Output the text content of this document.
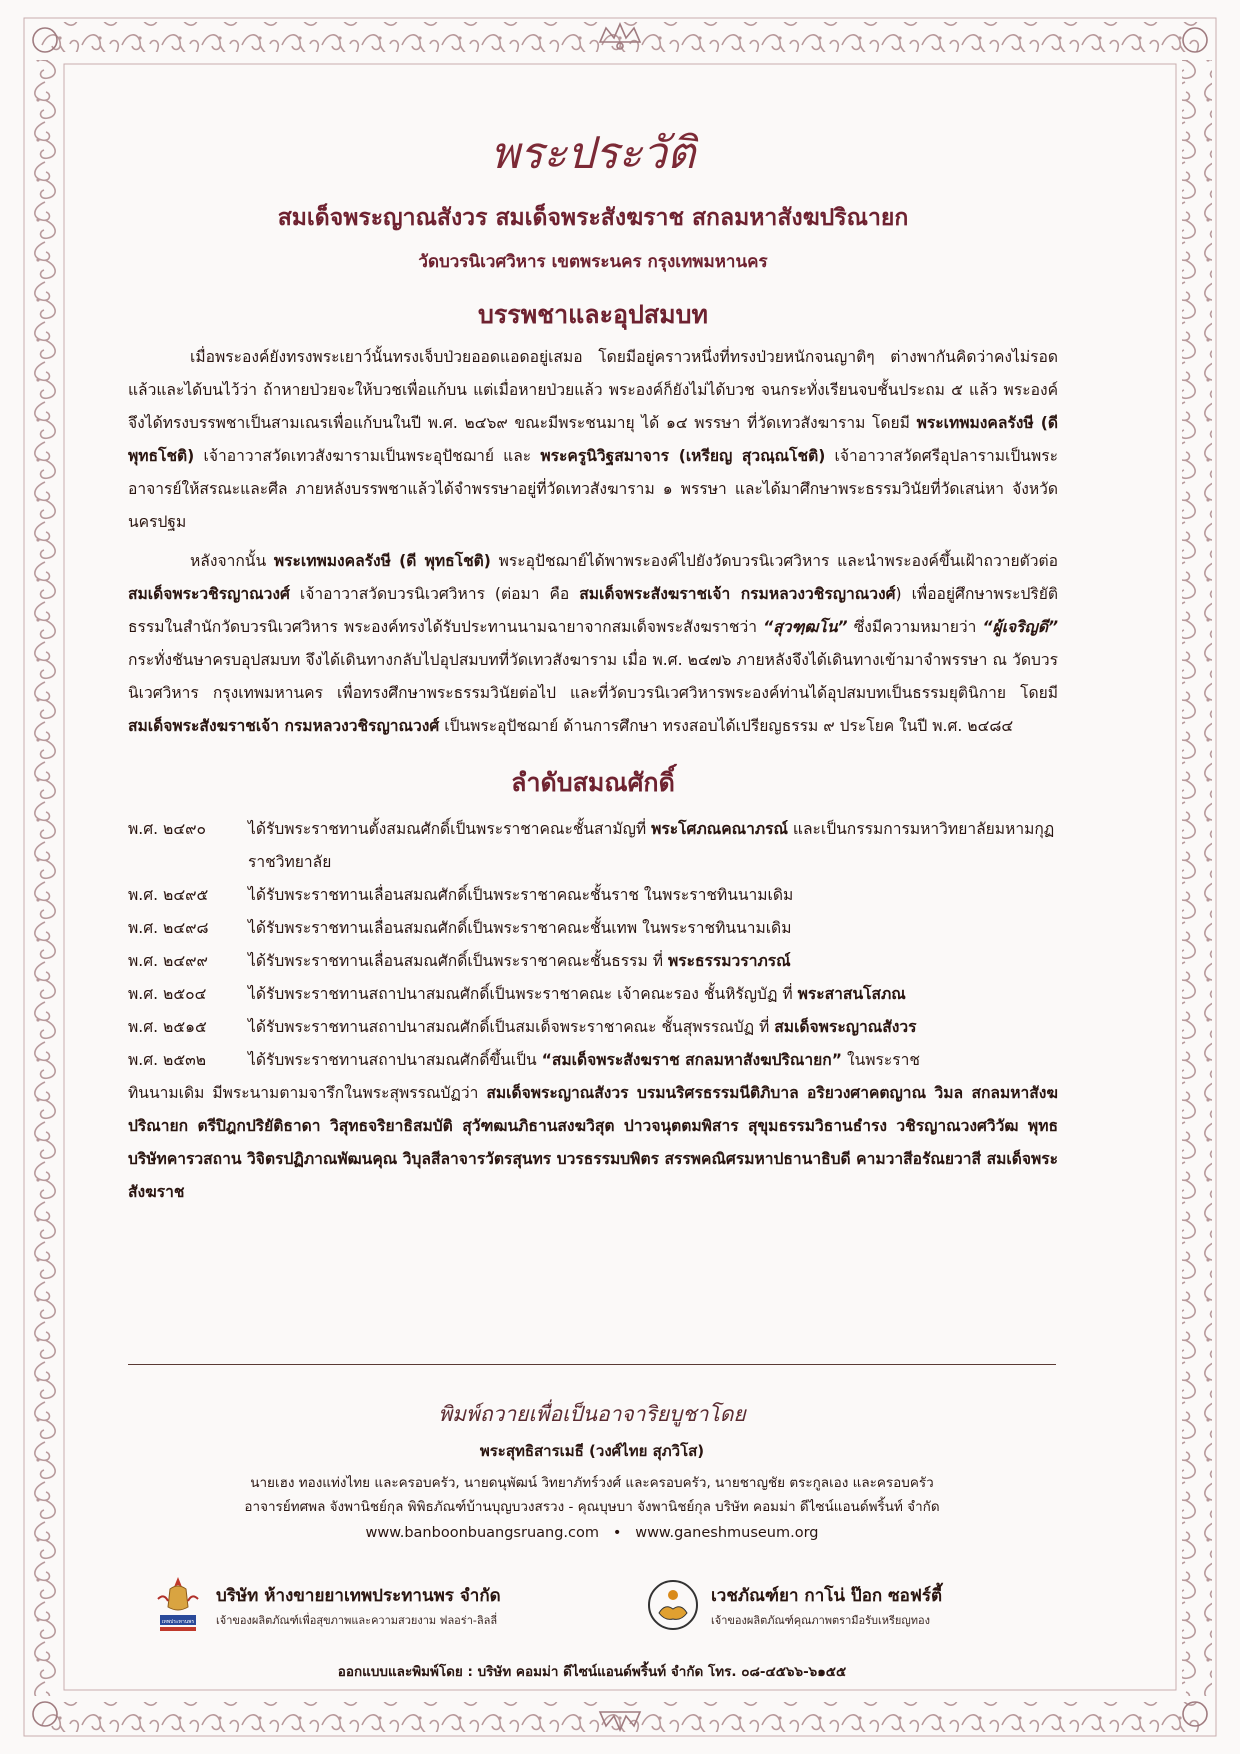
พระประวัติ
สมเด็จพระญาณสังวร สมเด็จพระสังฆราช สกลมหาสังฆปริณายก
วัดบวรนิเวศวิหาร เขตพระนคร กรุงเทพมหานคร
บรรพชาและอุปสมบท
เมื่อพระองค์ยังทรงพระเยาว์นั้นทรงเจ็บป่วยออดแอดอยู่เสมอ โดยมีอยู่คราวหนึ่งที่ทรงป่วยหนักจนญาติๆ ต่างพากันคิดว่าคงไม่รอดแล้วและได้บนไว้ว่า ถ้าหายป่วยจะให้บวชเพื่อแก้บน แต่เมื่อหายป่วยแล้ว พระองค์ก็ยังไม่ได้บวช จนกระทั่งเรียนจบชั้นประถม ๕ แล้ว พระองค์จึงได้ทรงบรรพชาเป็นสามเณรเพื่อแก้บนในปี พ.ศ. ๒๔๖๙ ขณะมีพระชนมายุ ได้ ๑๔ พรรษา ที่วัดเทวสังฆาราม โดยมี พระเทพมงคลรังษี (ดี พุทธโชติ) เจ้าอาวาสวัดเทวสังฆารามเป็นพระอุปัชฌาย์ และ พระครูนิวิฐสมาจาร (เหรียญ สุวณฺณโชติ) เจ้าอาวาสวัดศรีอุปลารามเป็นพระอาจารย์ให้สรณะและศีล ภายหลังบรรพชาแล้วได้จำพรรษาอยู่ที่วัดเทวสังฆาราม ๑ พรรษา และได้มาศึกษาพระธรรมวินัยที่วัดเสน่หา จังหวัดนครปฐม
หลังจากนั้น พระเทพมงคลรังษี (ดี พุทธโชติ) พระอุปัชฌาย์ได้พาพระองค์ไปยังวัดบวรนิเวศวิหาร และนำพระองค์ขึ้นเฝ้าถวายตัวต่อ สมเด็จพระวชิรญาณวงศ์ เจ้าอาวาสวัดบวรนิเวศวิหาร (ต่อมา คือ สมเด็จพระสังฆราชเจ้า กรมหลวงวชิรญาณวงศ์) เพื่ออยู่ศึกษาพระปริยัติธรรมในสำนักวัดบวรนิเวศวิหาร พระองค์ทรงได้รับประทานนามฉายาจากสมเด็จพระสังฆราชว่า “สุวฑฺฒโน” ซึ่งมีความหมายว่า “ผู้เจริญดี” กระทั่งชันษาครบอุปสมบท จึงได้เดินทางกลับไปอุปสมบทที่วัดเทวสังฆาราม เมื่อ พ.ศ. ๒๔๗๖ ภายหลังจึงได้เดินทางเข้ามาจำพรรษา ณ วัดบวรนิเวศวิหาร กรุงเทพมหานคร เพื่อทรงศึกษาพระธรรมวินัยต่อไป และที่วัดบวรนิเวศวิหารพระองค์ท่านได้อุปสมบทเป็นธรรมยุตินิกาย โดยมี สมเด็จพระสังฆราชเจ้า กรมหลวงวชิรญาณวงศ์ เป็นพระอุปัชฌาย์ ด้านการศึกษา ทรงสอบได้เปรียญธรรม ๙ ประโยค ในปี พ.ศ. ๒๔๘๔
ลำดับสมณศักดิ์
พ.ศ. ๒๔๙๐	ได้รับพระราชทานตั้งสมณศักดิ์เป็นพระราชาคณะชั้นสามัญที่ พระโศภณคณาภรณ์ และเป็นกรรมการมหาวิทยาลัยมหามกุฏราชวิทยาลัย
พ.ศ. ๒๔๙๕	ได้รับพระราชทานเลื่อนสมณศักดิ์เป็นพระราชาคณะชั้นราช ในพระราชทินนามเดิม
พ.ศ. ๒๔๙๘	ได้รับพระราชทานเลื่อนสมณศักดิ์เป็นพระราชาคณะชั้นเทพ ในพระราชทินนามเดิม
พ.ศ. ๒๔๙๙	ได้รับพระราชทานเลื่อนสมณศักดิ์เป็นพระราชาคณะชั้นธรรม ที่ พระธรรมวราภรณ์
พ.ศ. ๒๕๐๔	ได้รับพระราชทานสถาปนาสมณศักดิ์เป็นพระราชาคณะ เจ้าคณะรอง ชั้นหิรัญบัฏ ที่ พระสาสนโสภณ
พ.ศ. ๒๕๑๕	ได้รับพระราชทานสถาปนาสมณศักดิ์เป็นสมเด็จพระราชาคณะ ชั้นสุพรรณบัฏ ที่ สมเด็จพระญาณสังวร
พ.ศ. ๒๕๓๒	ได้รับพระราชทานสถาปนาสมณศักดิ์ขึ้นเป็น “สมเด็จพระสังฆราช สกลมหาสังฆปริณายก” ในพระราช
ทินนามเดิม มีพระนามตามจารึกในพระสุพรรณบัฏว่า สมเด็จพระญาณสังวร บรมนริศรธรรมนีติภิบาล อริยวงศาคตญาณ วิมล สกลมหาสังฆปริณายก ตรีปิฎกปริยัติธาดา วิสุทธจริยาธิสมบัติ สุวัฑฒนภิธานสงฆวิสุต ปาวจนุตตมพิสาร สุขุมธรรมวิธานธำรง วชิรญาณวงศวิวัฒ พุทธบริษัทคารวสถาน วิจิตรปฏิภาณพัฒนคุณ วิบุลสีลาจารวัตรสุนทร บวรธรรมบพิตร สรรพคณิศรมหาปธานาธิบดี คามวาสีอรัณยวาสี สมเด็จพระสังฆราช
พิมพ์ถวายเพื่อเป็นอาจาริยบูชาโดย
พระสุทธิสารเมธี (วงศ์ไทย สุภวิโส)
นายเฮง ทองแท่งไทย และครอบครัว, นายดนุพัฒน์ วิทยาภัทร์วงศ์ และครอบครัว, นายชาญชัย ตระกูลเอง และครอบครัว
อาจารย์ทศพล จังพานิชย์กุล พิพิธภัณฑ์บ้านบุญบวงสรวง - คุณบุษบา จังพานิชย์กุล บริษัท คอมม่า ดีไซน์แอนด์พริ้นท์ จำกัด
www.banboonbuangsruang.com • www.ganeshmuseum.org
เทพประทานพร
บริษัท ห้างขายยาเทพประทานพร จำกัด
เจ้าของผลิตภัณฑ์เพื่อสุขภาพและความสวยงาม ฟลอร่า-ลิลลี่
เวชภัณฑ์ยา กาโน่ ป๊อก ซอฟร์ตี้
เจ้าของผลิตภัณฑ์คุณภาพตรามือรับเหรียญทอง
ออกแบบและพิมพ์โดย : บริษัท คอมม่า ดีไซน์แอนด์พริ้นท์ จำกัด โทร. ๐๘-๔๕๖๖-๖๑๕๕
